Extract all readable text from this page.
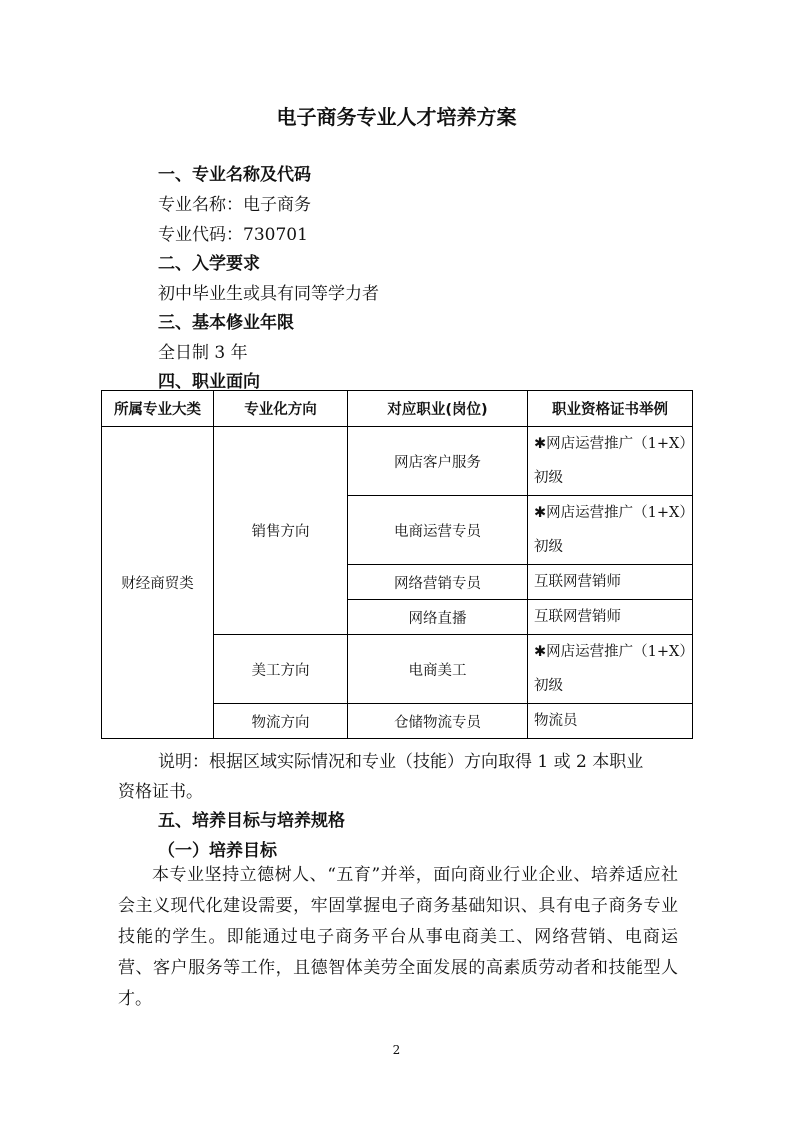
电子商务专业人才培养方案
一、专业名称及代码
专业名称：电子商务
专业代码：730701
二、入学要求
初中毕业生或具有同等学力者
三、基本修业年限
全日制 3 年
四、职业面向
所属专业大类	专业化方向	对应职业(岗位)	职业资格证书举例
财经商贸类	销售方向	网店客户服务	✱网店运营推广（1+X）初级
		电商运营专员	✱网店运营推广（1+X）初级
		网络营销专员	互联网营销师
		网络直播	互联网营销师
	美工方向	电商美工	✱网店运营推广（1+X）初级
	物流方向	仓储物流专员	物流员
说明：根据区域实际情况和专业（技能）方向取得 1 或 2 本职业
资格证书。
五、培养目标与培养规格
（一）培养目标
本专业坚持立德树人、“五育”并举，面向商业行业企业、培养适应社会主义现代化建设需要，牢固掌握电子商务基础知识、具有电子商务专业技能的学生。即能通过电子商务平台从事电商美工、网络营销、电商运营、客户服务等工作，且德智体美劳全面发展的高素质劳动者和技能型人才。
2
